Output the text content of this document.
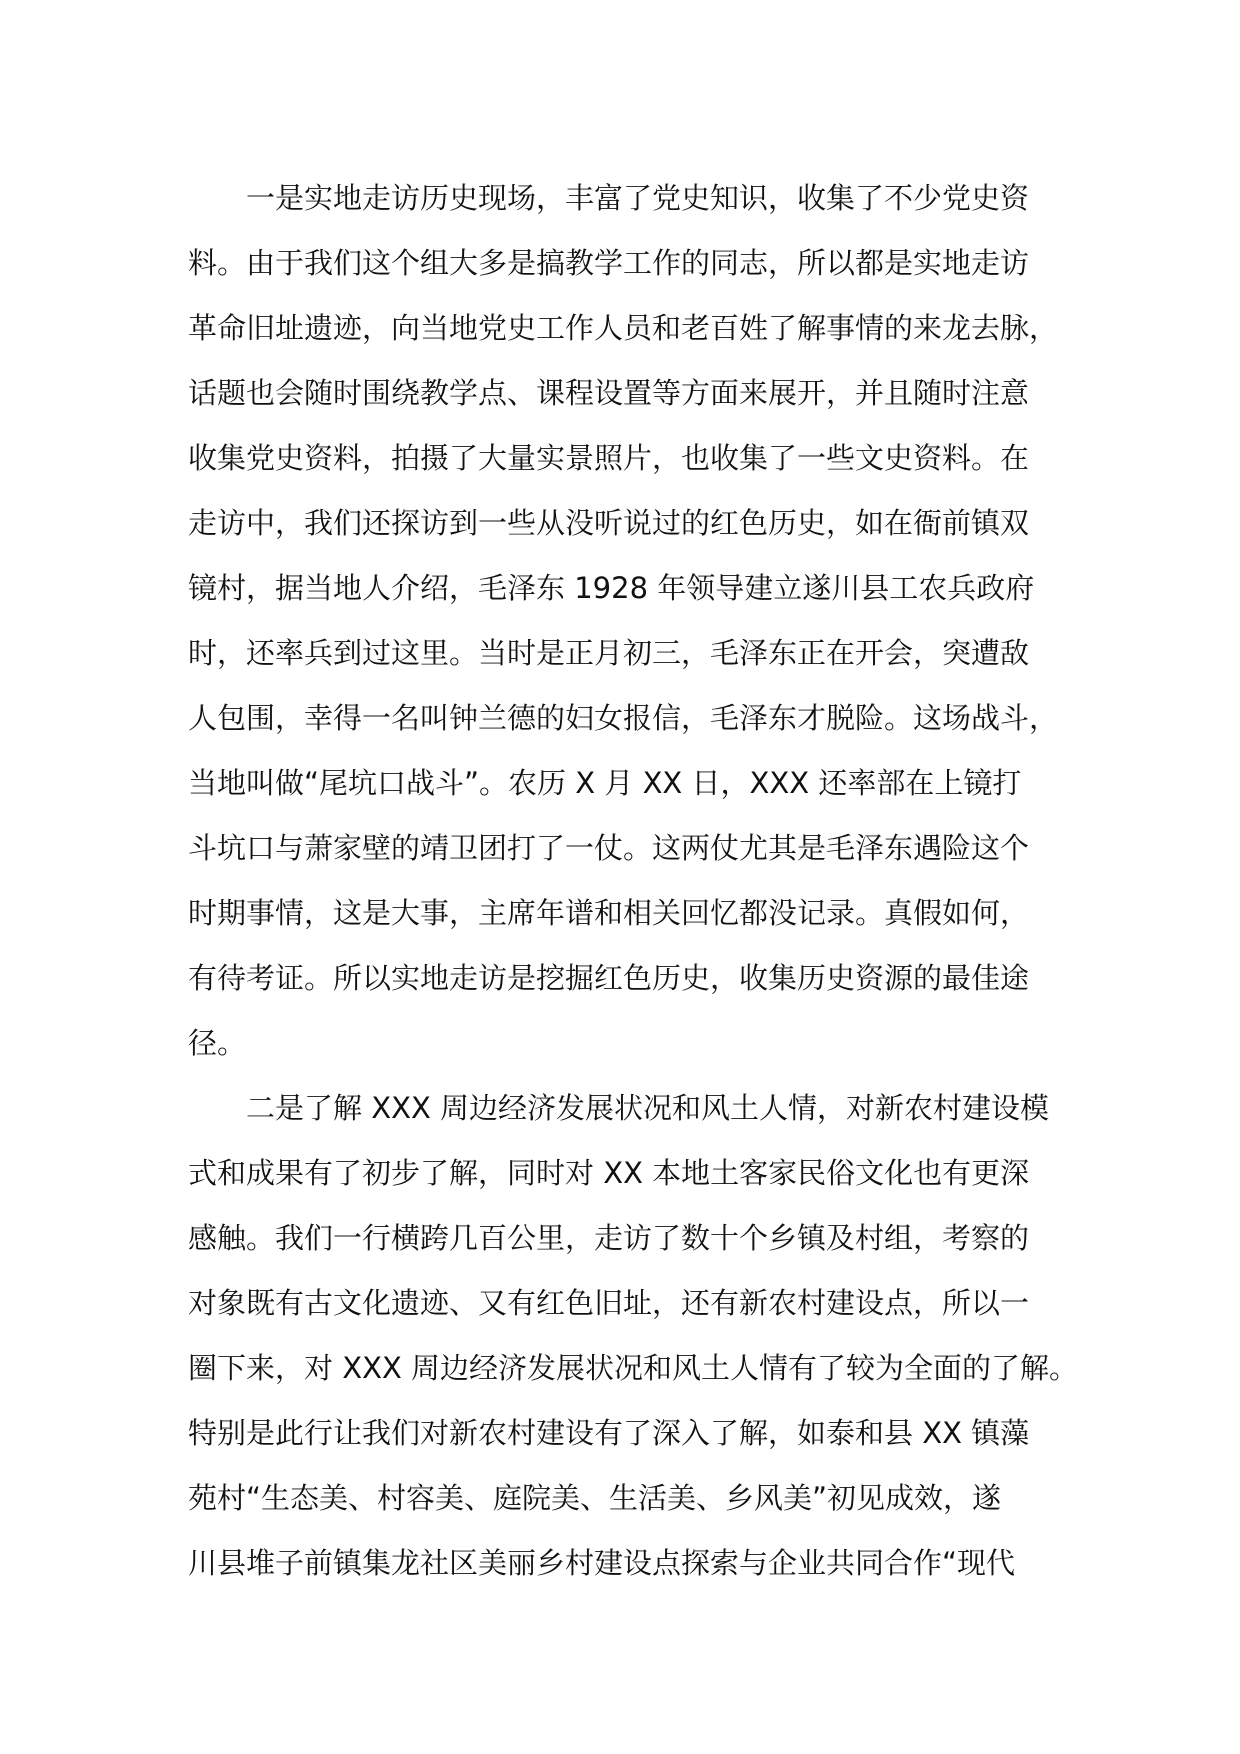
一是实地走访历史现场，丰富了党史知识，收集了不少党史资
料。由于我们这个组大多是搞教学工作的同志，所以都是实地走访
革命旧址遗迹，向当地党史工作人员和老百姓了解事情的来龙去脉，
话题也会随时围绕教学点、课程设置等方面来展开，并且随时注意
收集党史资料，拍摄了大量实景照片，也收集了一些文史资料。在
走访中，我们还探访到一些从没听说过的红色历史，如在衙前镇双
镜村，据当地人介绍，毛泽东 1928 年领导建立遂川县工农兵政府
时，还率兵到过这里。当时是正月初三，毛泽东正在开会，突遭敌
人包围，幸得一名叫钟兰德的妇女报信，毛泽东才脱险。这场战斗，
当地叫做“尾坑口战斗”。农历 X 月 XX 日，XXX 还率部在上镜打
斗坑口与萧家壁的靖卫团打了一仗。这两仗尤其是毛泽东遇险这个
时期事情，这是大事，主席年谱和相关回忆都没记录。真假如何，
有待考证。所以实地走访是挖掘红色历史，收集历史资源的最佳途
径。
二是了解 XXX 周边经济发展状况和风土人情，对新农村建设模
式和成果有了初步了解，同时对 XX 本地土客家民俗文化也有更深
感触。我们一行横跨几百公里，走访了数十个乡镇及村组，考察的
对象既有古文化遗迹、又有红色旧址，还有新农村建设点，所以一
圈下来，对 XXX 周边经济发展状况和风土人情有了较为全面的了解。
特别是此行让我们对新农村建设有了深入了解，如泰和县 XX 镇藻
苑村“生态美、村容美、庭院美、生活美、乡风美”初见成效，遂
川县堆子前镇集龙社区美丽乡村建设点探索与企业共同合作“现代
